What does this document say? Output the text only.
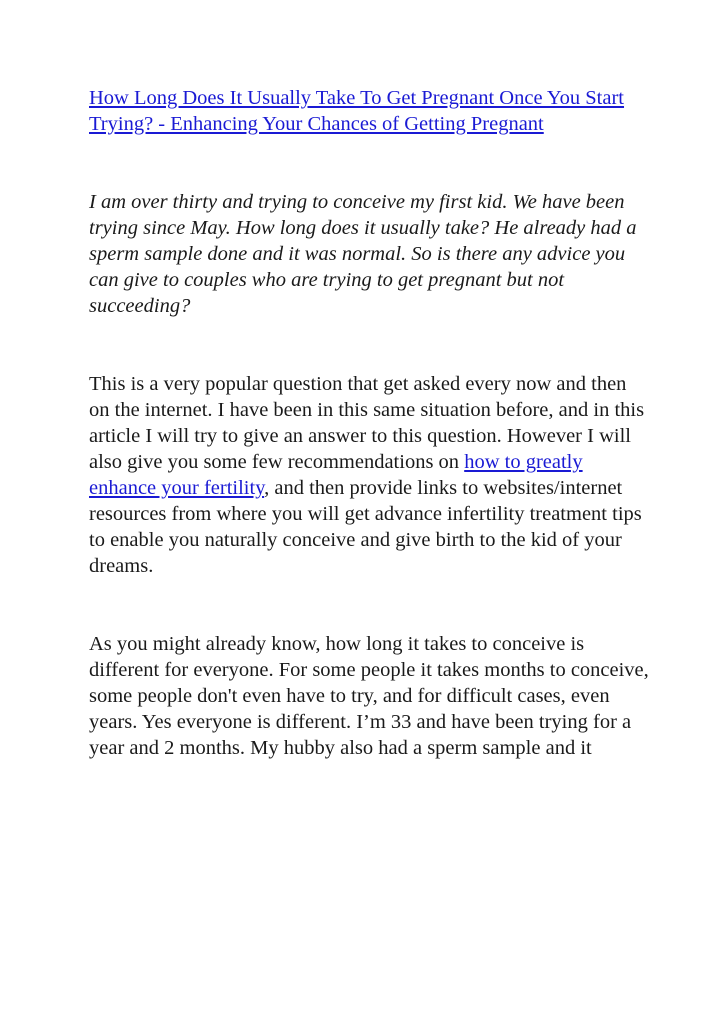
How Long Does It Usually Take To Get Pregnant Once You Start Trying? - Enhancing Your Chances of Getting Pregnant

I am over thirty and trying to conceive my first kid. We have been trying since May. How long does it usually take? He already had a sperm sample done and it was normal. So is there any advice you can give to couples who are trying to get pregnant but not succeeding?

This is a very popular question that get asked every now and then on the internet. I have been in this same situation before, and in this article I will try to give an answer to this question. However I will also give you some few recommendations on how to greatly enhance your fertility, and then provide links to websites/internet resources from where you will get advance infertility treatment tips to enable you naturally conceive and give birth to the kid of your dreams.

As you might already know, how long it takes to conceive is different for everyone. For some people it takes months to conceive, some people don't even have to try, and for difficult cases, even years. Yes everyone is different. I’m 33 and have been trying for a year and 2 months. My hubby also had a sperm sample and it
